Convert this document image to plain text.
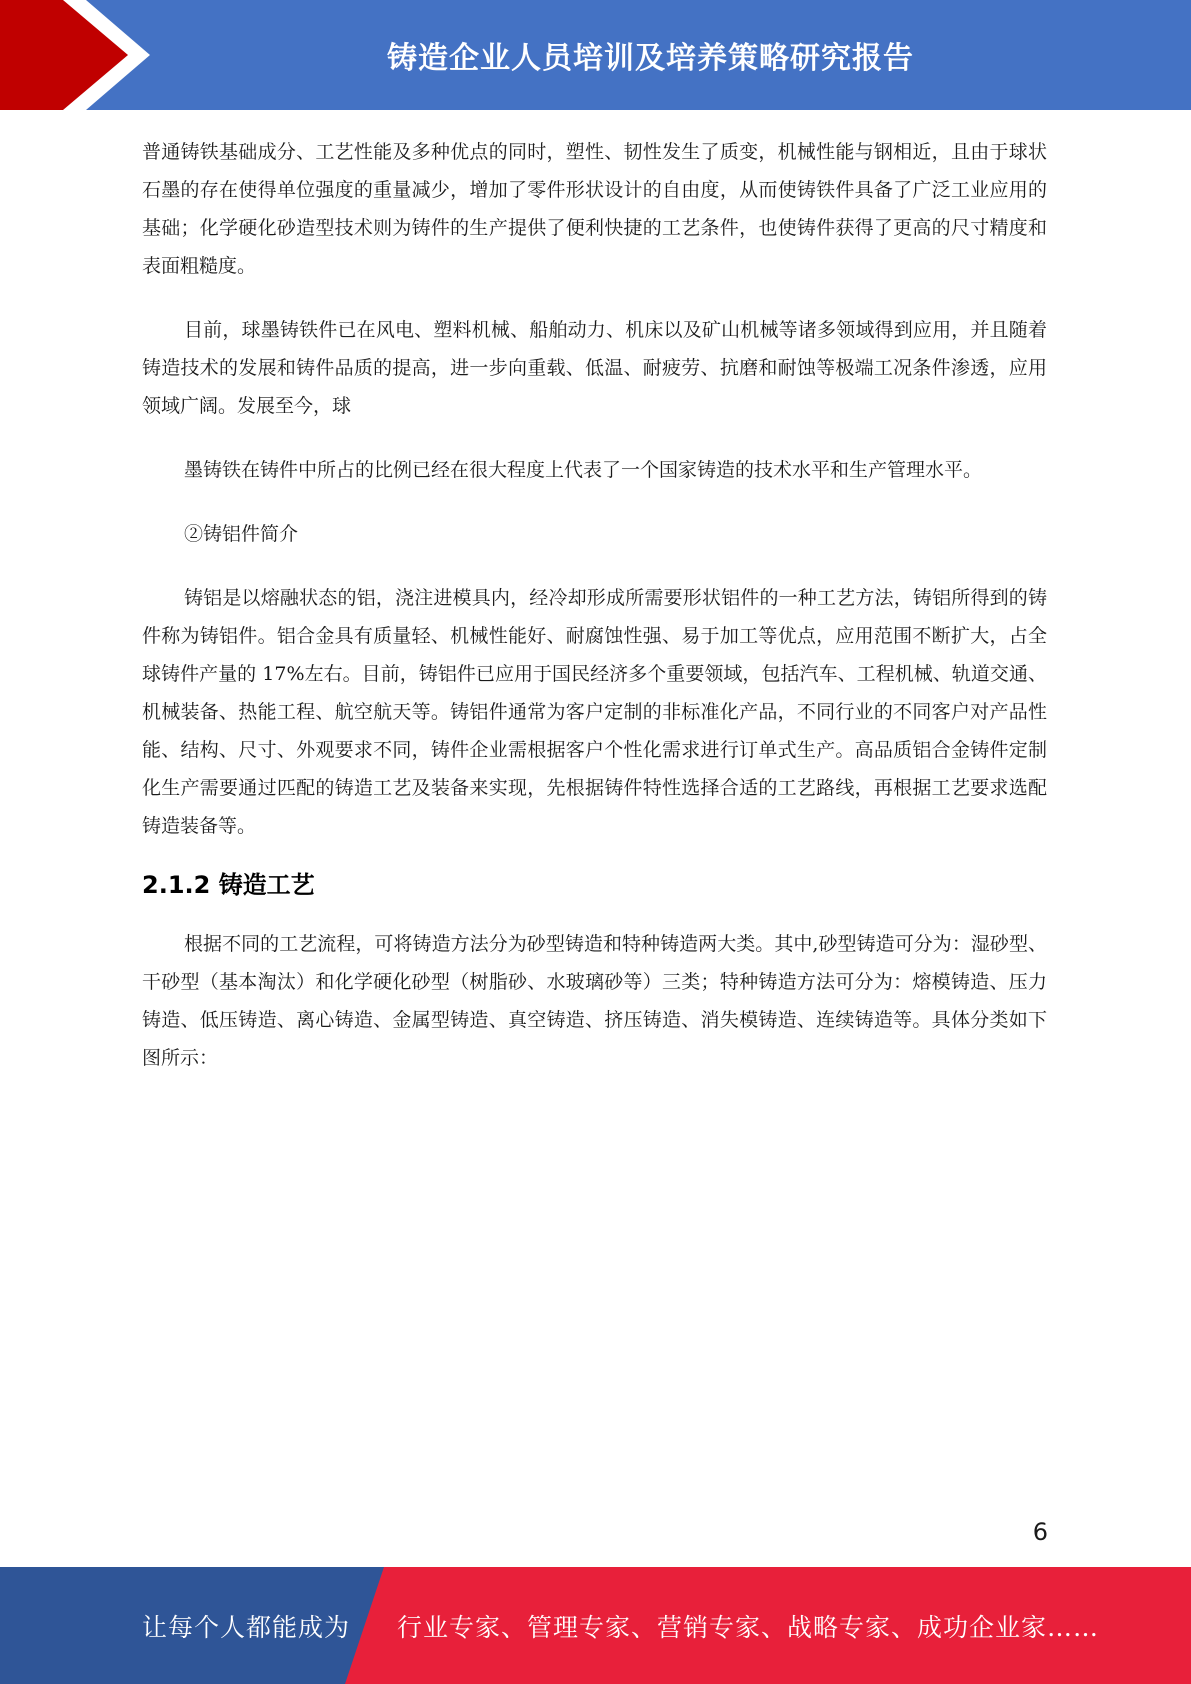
铸造企业人员培训及培养策略研究报告

普通铸铁基础成分、工艺性能及多种优点的同时，塑性、韧性发生了质变，机械性能与钢相近，且由于球状石墨的存在使得单位强度的重量减少，增加了零件形状设计的自由度，从而使铸铁件具备了广泛工业应用的基础；化学硬化砂造型技术则为铸件的生产提供了便利快捷的工艺条件，也使铸件获得了更高的尺寸精度和表面粗糙度。

目前，球墨铸铁件已在风电、塑料机械、船舶动力、机床以及矿山机械等诸多领域得到应用，并且随着铸造技术的发展和铸件品质的提高，进一步向重载、低温、耐疲劳、抗磨和耐蚀等极端工况条件渗透，应用领域广阔。发展至今，球

墨铸铁在铸件中所占的比例已经在很大程度上代表了一个国家铸造的技术水平和生产管理水平。

②铸铝件简介

铸铝是以熔融状态的铝，浇注进模具内，经冷却形成所需要形状铝件的一种工艺方法，铸铝所得到的铸件称为铸铝件。铝合金具有质量轻、机械性能好、耐腐蚀性强、易于加工等优点，应用范围不断扩大，占全球铸件产量的 17%左右。目前，铸铝件已应用于国民经济多个重要领域，包括汽车、工程机械、轨道交通、机械装备、热能工程、航空航天等。铸铝件通常为客户定制的非标准化产品，不同行业的不同客户对产品性能、结构、尺寸、外观要求不同，铸件企业需根据客户个性化需求进行订单式生产。高品质铝合金铸件定制化生产需要通过匹配的铸造工艺及装备来实现，先根据铸件特性选择合适的工艺路线，再根据工艺要求选配铸造装备等。

2.1.2 铸造工艺

根据不同的工艺流程，可将铸造方法分为砂型铸造和特种铸造两大类。其中,砂型铸造可分为：湿砂型、干砂型（基本淘汰）和化学硬化砂型（树脂砂、水玻璃砂等）三类；特种铸造方法可分为：熔模铸造、压力铸造、低压铸造、离心铸造、金属型铸造、真空铸造、挤压铸造、消失模铸造、连续铸造等。具体分类如下图所示：

6
让每个人都能成为 行业专家、管理专家、营销专家、战略专家、成功企业家……
